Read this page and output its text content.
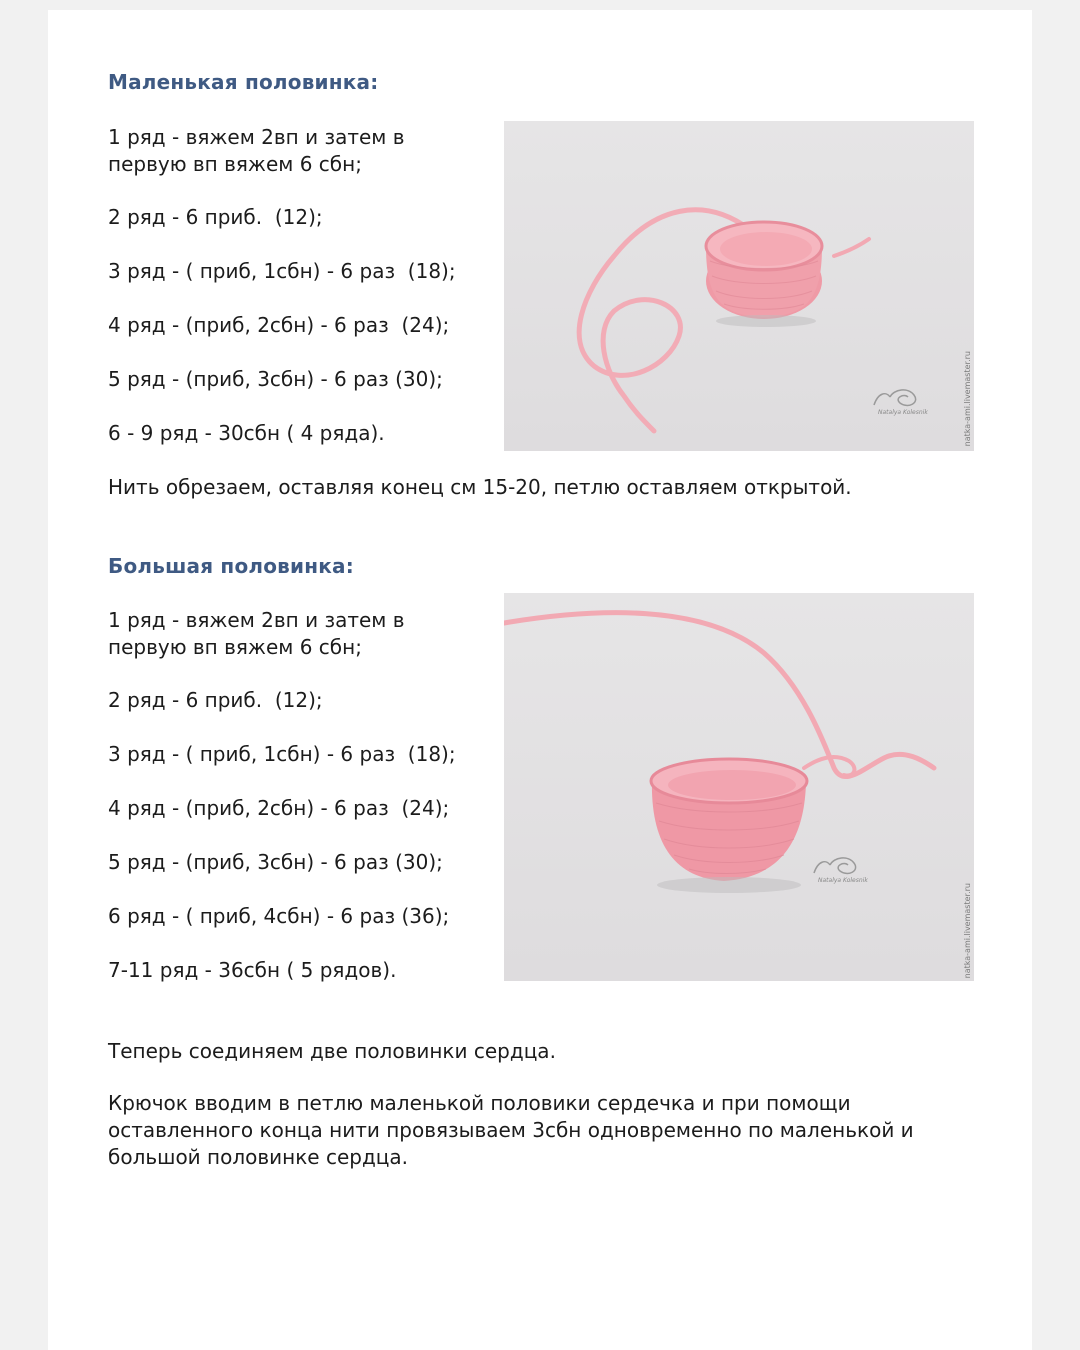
Маленькая половинка:
1 ряд - вяжем 2вп и затем в первую вп вяжем 6 сбн;
2 ряд - 6 приб.  (12);
3 ряд - ( приб, 1сбн) - 6 раз  (18);
4 ряд - (приб, 2сбн) - 6 раз  (24);
5 ряд - (приб, 3сбн) - 6 раз (30);
6 - 9 ряд - 30сбн ( 4 ряда).
Natalya Kolesnik	natka-ami.livemaster.ru
Нить обрезаем, оставляя конец см 15-20, петлю оставляем открытой.
Большая половинка:
1 ряд - вяжем 2вп и затем в первую вп вяжем 6 сбн;
2 ряд - 6 приб.  (12);
3 ряд - ( приб, 1сбн) - 6 раз  (18);
4 ряд - (приб, 2сбн) - 6 раз  (24);
5 ряд - (приб, 3сбн) - 6 раз (30);
6 ряд - ( приб, 4сбн) - 6 раз (36);
7-11 ряд - 36сбн ( 5 рядов).
Natalya Kolesnik
natka-ami.livemaster.ru
Теперь соединяем две половинки сердца.
Крючок вводим в петлю маленькой половики сердечка и при помощи оставленного конца нити провязываем 3сбн одновременно по маленькой и большой половинке сердца.
